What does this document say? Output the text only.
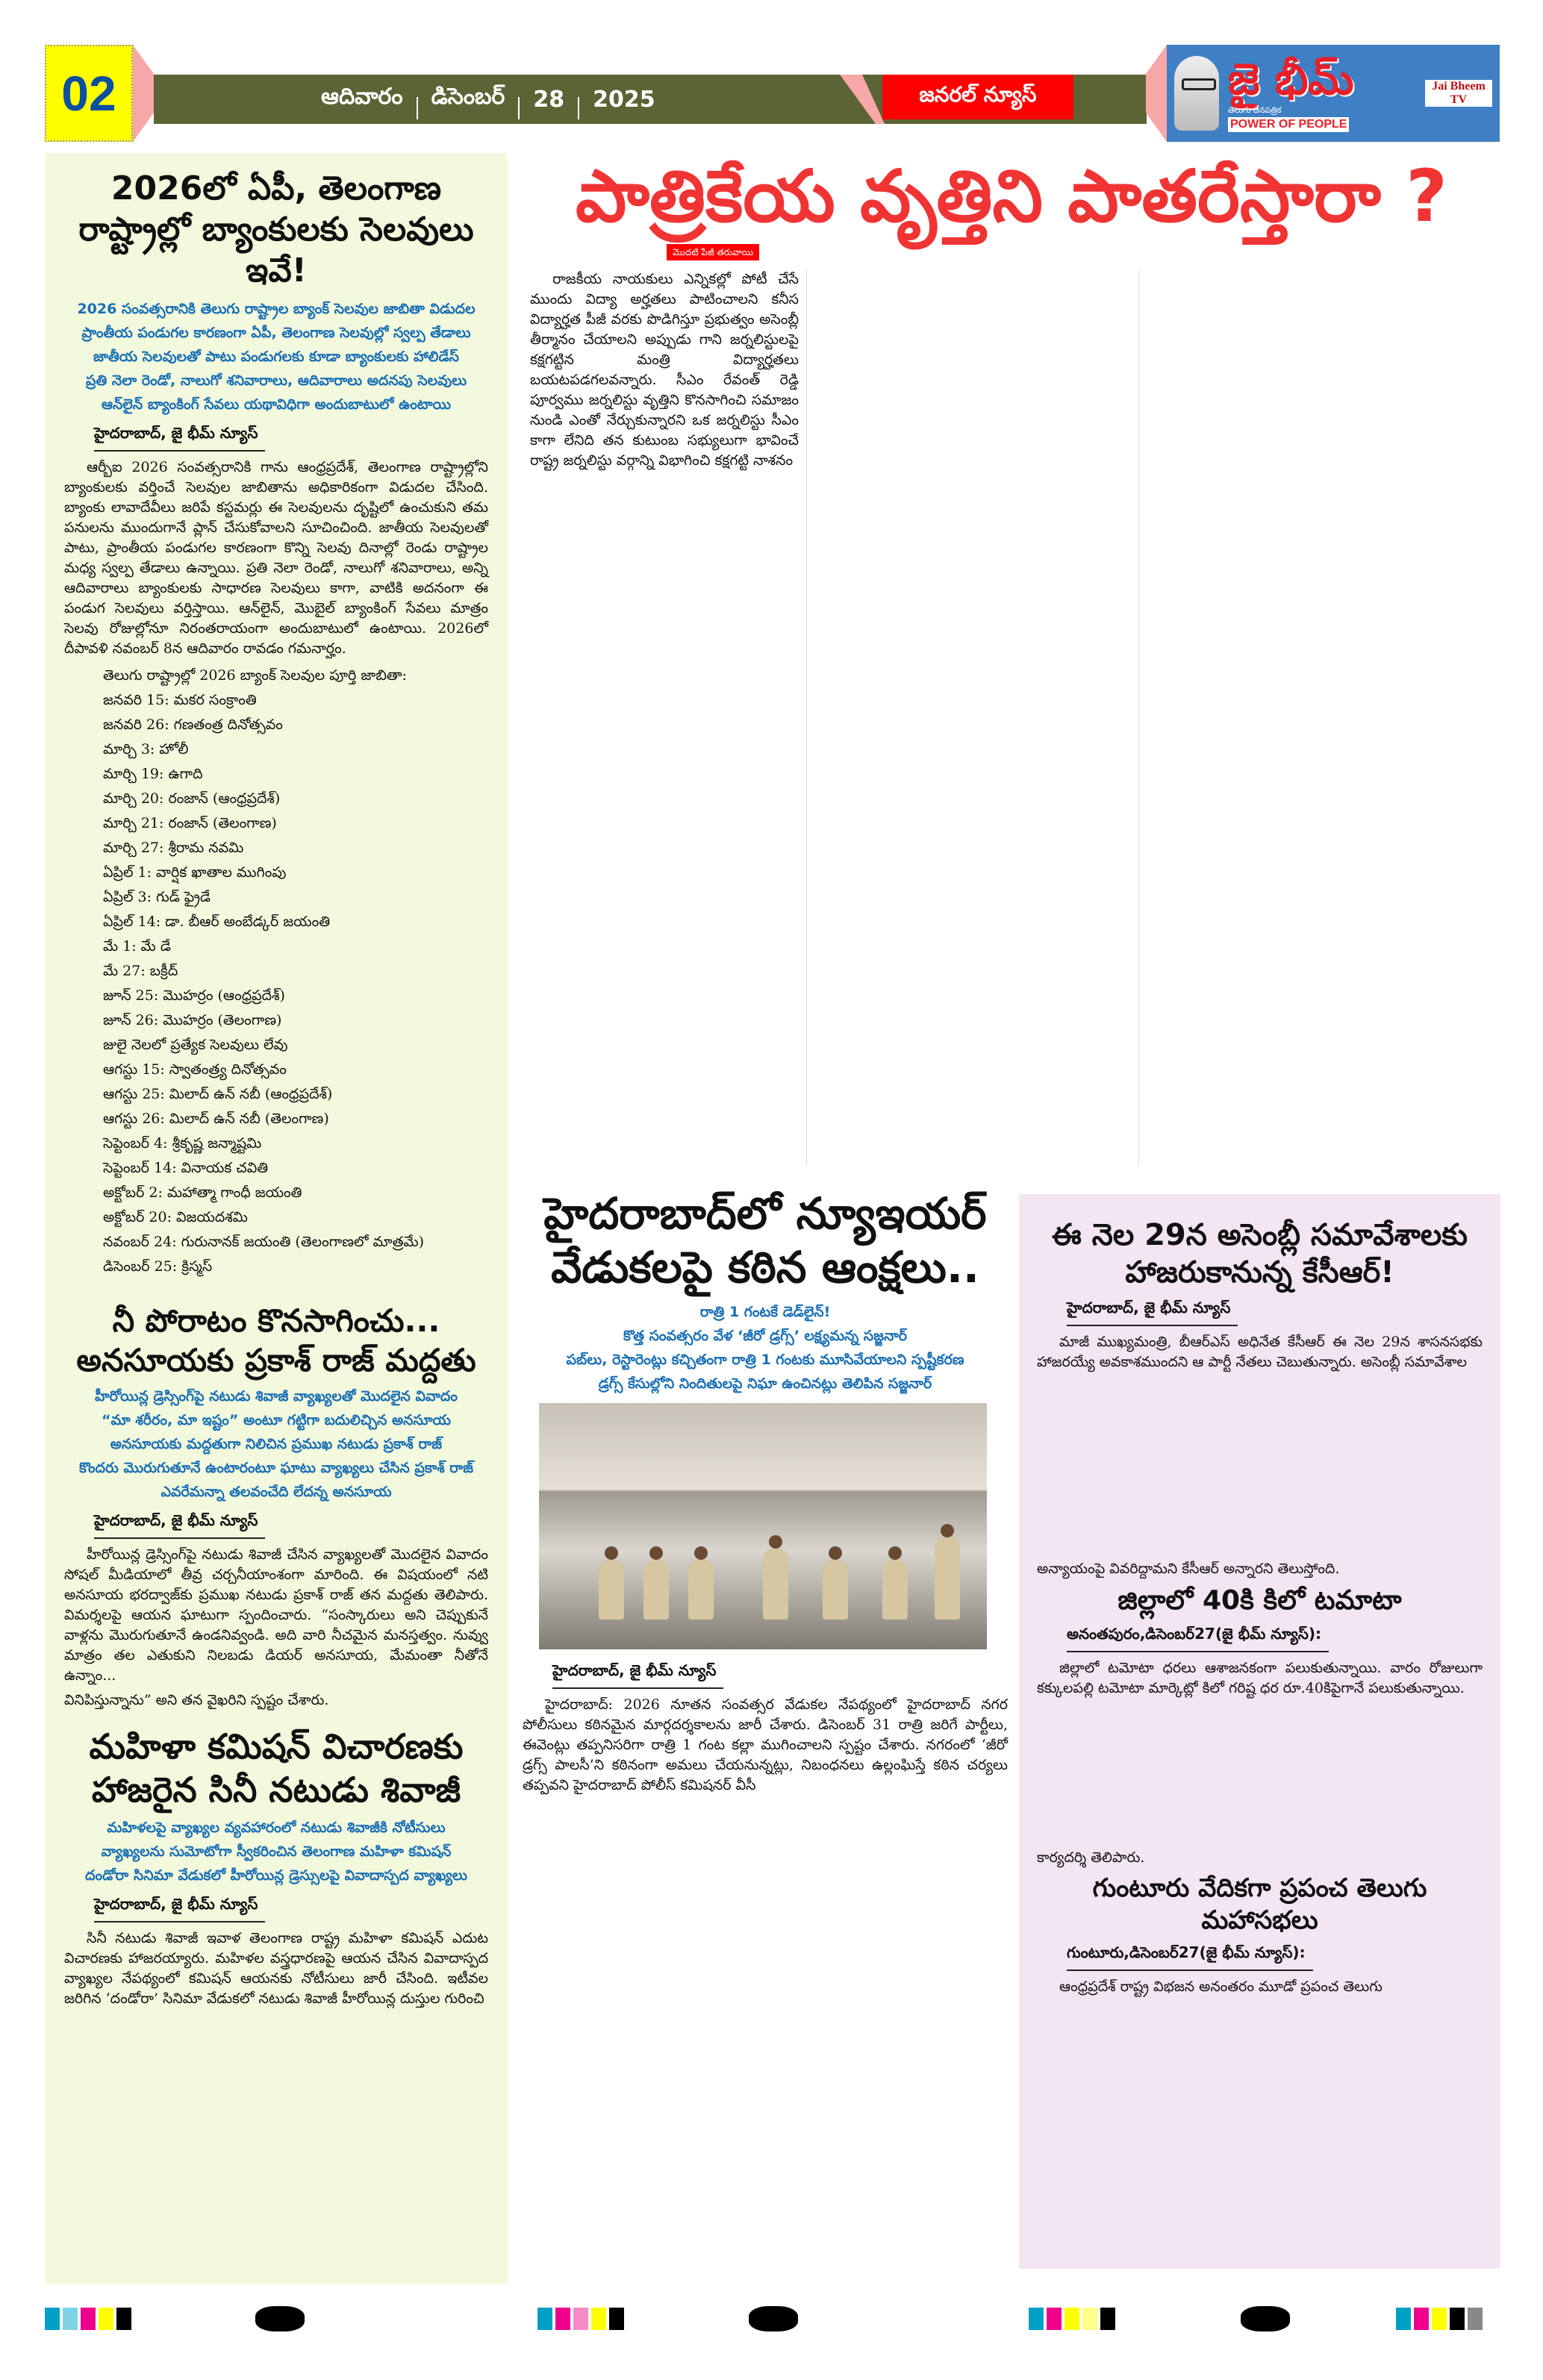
02	ఆదివారం డిసెంబర్ 28 2025	జనరల్ న్యూస్	జై భీమ్
తెలుగు దినపత్రిక
POWER OF PEOPLE
Jai Bheem TV
2026లో ఏపీ, తెలంగాణ రాష్ట్రాల్లో బ్యాంకులకు సెలవులు ఇవే!
2026 సంవత్సరానికి తెలుగు రాష్ట్రాల బ్యాంక్ సెలవుల జాబితా విడుదల
ప్రాంతీయ పండుగల కారణంగా ఏపీ, తెలంగాణ సెలవుల్లో స్వల్ప తేడాలు
జాతీయ సెలవులతో పాటు పండుగలకు కూడా బ్యాంకులకు హాలిడేస్
ప్రతి నెలా రెండో, నాలుగో శనివారాలు, ఆదివారాలు అదనపు సెలవులు
ఆన్‌లైన్ బ్యాంకింగ్ సేవలు యథావిధిగా అందుబాటులో ఉంటాయి
హైదరాబాద్, జై భీమ్ న్యూస్

ఆర్బీఐ 2026 సంవత్సరానికి గాను ఆంధ్రప్రదేశ్, తెలంగాణ రాష్ట్రాల్లోని బ్యాంకులకు వర్తించే సెలవుల జాబితాను అధికారికంగా విడుదల చేసింది. బ్యాంకు లావాదేవీలు జరిపే కస్టమర్లు ఈ సెలవులను దృష్టిలో ఉంచుకుని తమ పనులను ముందుగానే ప్లాన్ చేసుకోవాలని సూచించింది. జాతీయ సెలవులతో పాటు, ప్రాంతీయ పండుగల కారణంగా కొన్ని సెలవు దినాల్లో రెండు రాష్ట్రాల మధ్య స్వల్ప తేడాలు ఉన్నాయి. ప్రతి నెలా రెండో, నాలుగో శనివారాలు, అన్ని ఆదివారాలు బ్యాంకులకు సాధారణ సెలవులు కాగా, వాటికి అదనంగా ఈ పండుగ సెలవులు వర్తిస్తాయి. ఆన్‌లైన్, మొబైల్ బ్యాంకింగ్ సేవలు మాత్రం సెలవు రోజుల్లోనూ నిరంతరాయంగా అందుబాటులో ఉంటాయి. 2026లో దీపావళి నవంబర్ 8న ఆదివారం రావడం గమనార్హం.

తెలుగు రాష్ట్రాల్లో 2026 బ్యాంక్ సెలవుల పూర్తి జాబితా:

జనవరి 15: మకర సంక్రాంతి

జనవరి 26: గణతంత్ర దినోత్సవం

మార్చి 3: హోలీ

మార్చి 19: ఉగాది

మార్చి 20: రంజాన్ (ఆంధ్రప్రదేశ్)

మార్చి 21: రంజాన్ (తెలంగాణ)

మార్చి 27: శ్రీరామ నవమి

ఏప్రిల్ 1: వార్షిక ఖాతాల ముగింపు

ఏప్రిల్ 3: గుడ్ ఫ్రైడే

ఏప్రిల్ 14: డా. బీఆర్ అంబేడ్కర్ జయంతి

మే 1: మే డే

మే 27: బక్రీద్

జూన్ 25: మొహర్రం (ఆంధ్రప్రదేశ్)

జూన్ 26: మొహర్రం (తెలంగాణ)

జులై నెలలో ప్రత్యేక సెలవులు లేవు

ఆగస్టు 15: స్వాతంత్ర్య దినోత్సవం

ఆగస్టు 25: మిలాద్ ఉన్ నబీ (ఆంధ్రప్రదేశ్)

ఆగస్టు 26: మిలాద్ ఉన్ నబీ (తెలంగాణ)

సెప్టెంబర్ 4: శ్రీకృష్ణ జన్మాష్టమి

సెప్టెంబర్ 14: వినాయక చవితి

అక్టోబర్ 2: మహాత్మా గాంధీ జయంతి

అక్టోబర్ 20: విజయదశమి

నవంబర్ 24: గురునానక్ జయంతి (తెలంగాణలో మాత్రమే)

డిసెంబర్ 25: క్రిస్మస్

నీ పోరాటం కొనసాగించు... అనసూయకు ప్రకాశ్ రాజ్ మద్దతు
హీరోయిన్ల డ్రెస్సింగ్‌పై నటుడు శివాజీ వ్యాఖ్యలతో మొదలైన వివాదం
“మా శరీరం, మా ఇష్టం” అంటూ గట్టిగా బదులిచ్చిన అనసూయ
అనసూయకు మద్దతుగా నిలిచిన ప్రముఖ నటుడు ప్రకాశ్ రాజ్
కొందరు మొరుగుతూనే ఉంటారంటూ ఘాటు వ్యాఖ్యలు చేసిన ప్రకాశ్ రాజ్
ఎవరేమన్నా తలవంచేది లేదన్న అనసూయ
హైదరాబాద్, జై భీమ్ న్యూస్

హీరోయిన్ల డ్రెస్సింగ్‌పై నటుడు శివాజీ చేసిన వ్యాఖ్యలతో మొదలైన వివాదం సోషల్ మీడియాలో తీవ్ర చర్చనీయాంశంగా మారింది. ఈ విషయంలో నటి అనసూయ భరద్వాజ్‌కు ప్రముఖ నటుడు ప్రకాశ్ రాజ్ తన మద్దతు తెలిపారు. విమర్శలపై ఆయన ఘాటుగా స్పందించారు. “సంస్కారులు అని చెప్పుకునే వాళ్లను మొరుగుతూనే ఉండనివ్వండి. అది వారి నీచమైన మనస్తత్వం. నువ్వు మాత్రం తల ఎతుకుని నిలబడు డియర్ అనసూయ, మేమంతా నీతోనే ఉన్నాం...

వినిపిస్తున్నాను” అని తన వైఖరిని స్పష్టం చేశారు.

మహిళా కమిషన్ విచారణకు హాజరైన సినీ నటుడు శివాజీ
మహిళలపై వ్యాఖ్యల వ్యవహారంలో నటుడు శివాజీకి నోటీసులు
వ్యాఖ్యలను సుమోటోగా స్వీకరించిన తెలంగాణ మహిళా కమిషన్
దండోరా సినిమా వేడుకలో హీరోయిన్ల డ్రెస్సులపై వివాదాస్పద వ్యాఖ్యలు
హైదరాబాద్, జై భీమ్ న్యూస్

సినీ నటుడు శివాజీ ఇవాళ తెలంగాణ రాష్ట్ర మహిళా కమిషన్ ఎదుట విచారణకు హాజరయ్యారు. మహిళల వస్త్రధారణపై ఆయన చేసిన వివాదాస్పద వ్యాఖ్యల నేపథ్యంలో కమిషన్ ఆయనకు నోటీసులు జారీ చేసింది. ఇటీవల జరిగిన ‘దండోరా’ సినిమా వేడుకలో నటుడు శివాజీ హీరోయిన్ల దుస్తుల గురించి

పాత్రికేయ వృత్తిని పాతరేస్తారా ?
మొదటి పేజీ తరువాయి

రాజకీయ నాయకులు ఎన్నికల్లో పోటీ చేసే ముందు విద్యా అర్హతలు పాటించాలని కనీస విద్యార్హత పీజీ వరకు పొడిగిస్తూ ప్రభుత్వం అసెంబ్లీ తీర్మానం చేయాలని అప్పుడు గాని జర్నలిస్టులపై కక్షగట్టిన మంత్రి విద్యార్హతలు బయటపడగలవన్నారు. సీఎం రేవంత్ రెడ్డి పూర్వము జర్నలిస్టు వృత్తిని కొనసాగించి సమాజం నుండి ఎంతో నేర్చుకున్నారని ఒక జర్నలిస్టు సీఎం కాగా లేనిది తన కుటుంబ సభ్యులుగా భావించే రాష్ట్ర జర్నలిస్టు వర్గాన్ని విభాగించి కక్షగట్టి నాశనం

హైదరాబాద్‌లో న్యూఇయర్ వేడుకలపై కఠిన ఆంక్షలు..
రాత్రి 1 గంటకే డెడ్‌లైన్!
కొత్త సంవత్సరం వేళ ‘జీరో డ్రగ్స్’ లక్ష్యమన్న సజ్జనార్
పబ్‌లు, రెస్టారెంట్లు కచ్చితంగా రాత్రి 1 గంటకు మూసివేయాలని స్పష్టీకరణ
డ్రగ్స్ కేసుల్లోని నిందితులపై నిఘా ఉంచినట్లు తెలిపిన సజ్జనార్
హైదరాబాద్, జై భీమ్ న్యూస్

హైదరాబాద్: 2026 నూతన సంవత్సర వేడుకల నేపథ్యంలో హైదరాబాద్ నగర పోలీసులు కఠినమైన మార్గదర్శకాలను జారీ చేశారు. డిసెంబర్ 31 రాత్రి జరిగే పార్టీలు, ఈవెంట్లు తప్పనిసరిగా రాత్రి 1 గంట కల్లా ముగించాలని స్పష్టం చేశారు. నగరంలో ‘జీరో డ్రగ్స్ పాలసీ’ని కఠినంగా అమలు చేయనున్నట్లు, నిబంధనలు ఉల్లంఘిస్తే కఠిన చర్యలు తప్పవని హైదరాబాద్ పోలీస్ కమిషనర్ వీసీ

ఈ నెల 29న అసెంబ్లీ సమావేశాలకు హాజరుకానున్న కేసీఆర్!
హైదరాబాద్, జై భీమ్ న్యూస్

మాజీ ముఖ్యమంత్రి, బీఆర్ఎస్ అధినేత కేసీఆర్ ఈ నెల 29న శాసనసభకు హాజరయ్యే అవకాశముందని ఆ పార్టీ నేతలు చెబుతున్నారు. అసెంబ్లీ సమావేశాల

అన్యాయంపై వివరిద్దామని కేసీఆర్ అన్నారని తెలుస్తోంది.

జిల్లాలో 40కి కిలో టమాటా
అనంతపురం,డిసెంబర్27(జై భీమ్ న్యూస్):

జిల్లాలో టమోటా ధరలు ఆశాజనకంగా పలుకుతున్నాయి. వారం రోజులుగా కక్కులపల్లి టమోటా మార్కెట్లో కిలో గరిష్ట ధర రూ.40కిపైగానే పలుకుతున్నాయి.

కార్యదర్శి తెలిపారు.

గుంటూరు వేదికగా ప్రపంచ తెలుగు మహాసభలు
గుంటూరు,డిసెంబర్27(జై భీమ్ న్యూస్):

ఆంధ్రప్రదేశ్ రాష్ట్ర విభజన అనంతరం మూడో ప్రపంచ తెలుగు
